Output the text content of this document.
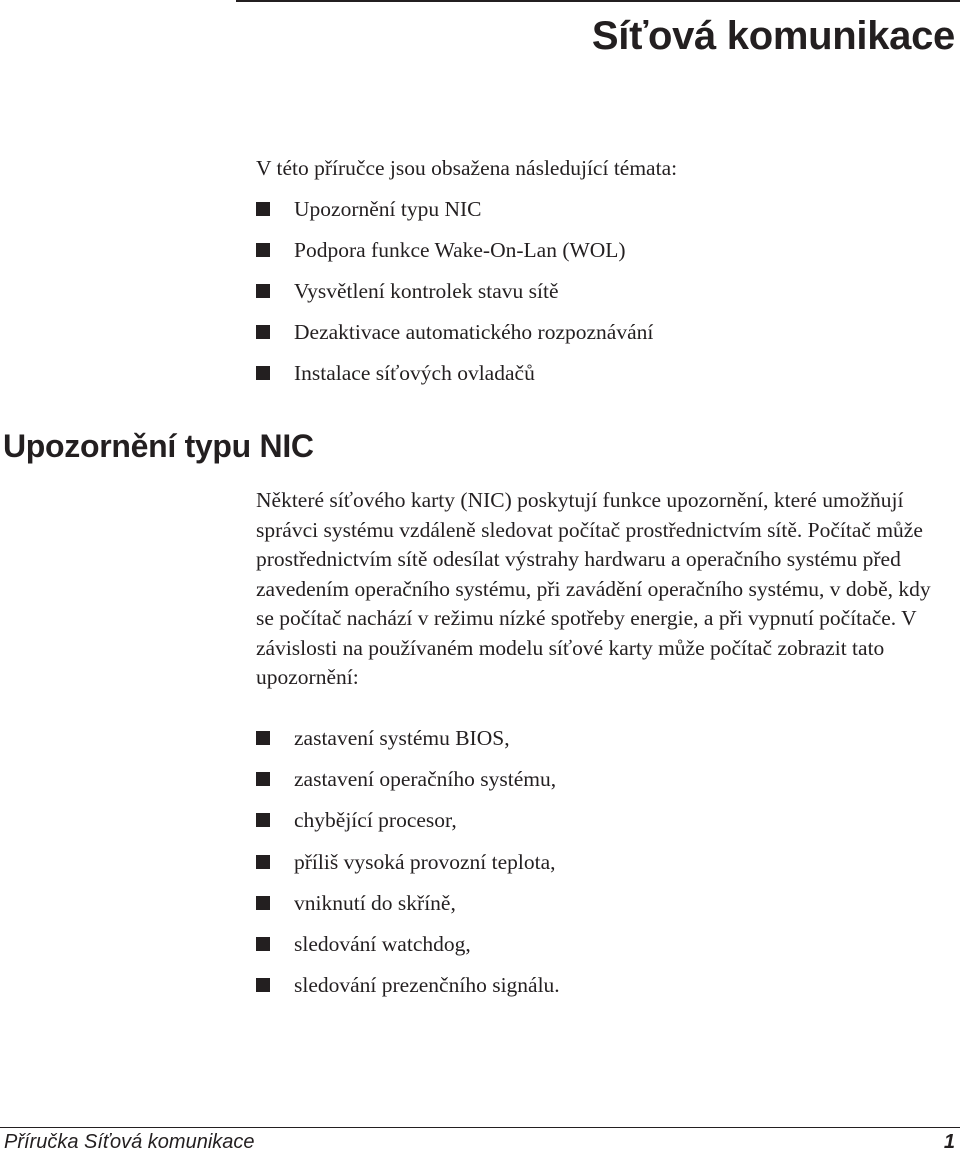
Síťová komunikace

V této příručce jsou obsažena následující témata:

Upozornění typu NIC
Podpora funkce Wake-On-Lan (WOL)
Vysvětlení kontrolek stavu sítě
Dezaktivace automatického rozpoznávání
Instalace síťových ovladačů
Upozornění typu NIC

Některé síťového karty (NIC) poskytují funkce upozornění, které umožňují správci systému vzdáleně sledovat počítač prostřednictvím sítě. Počítač může prostřednictvím sítě odesílat výstrahy hardwaru a operačního systému před zavedením operačního systému, při zavádění operačního systému, v době, kdy se počítač nachází v režimu nízké spotřeby energie, a při vypnutí počítače. V závislosti na používaném modelu síťové karty může počítač zobrazit tato upozornění:

zastavení systému BIOS,
zastavení operačního systému,
chybějící procesor,
příliš vysoká provozní teplota,
vniknutí do skříně,
sledování watchdog,
sledování prezenčního signálu.
Příručka Síťová komunikace	1
